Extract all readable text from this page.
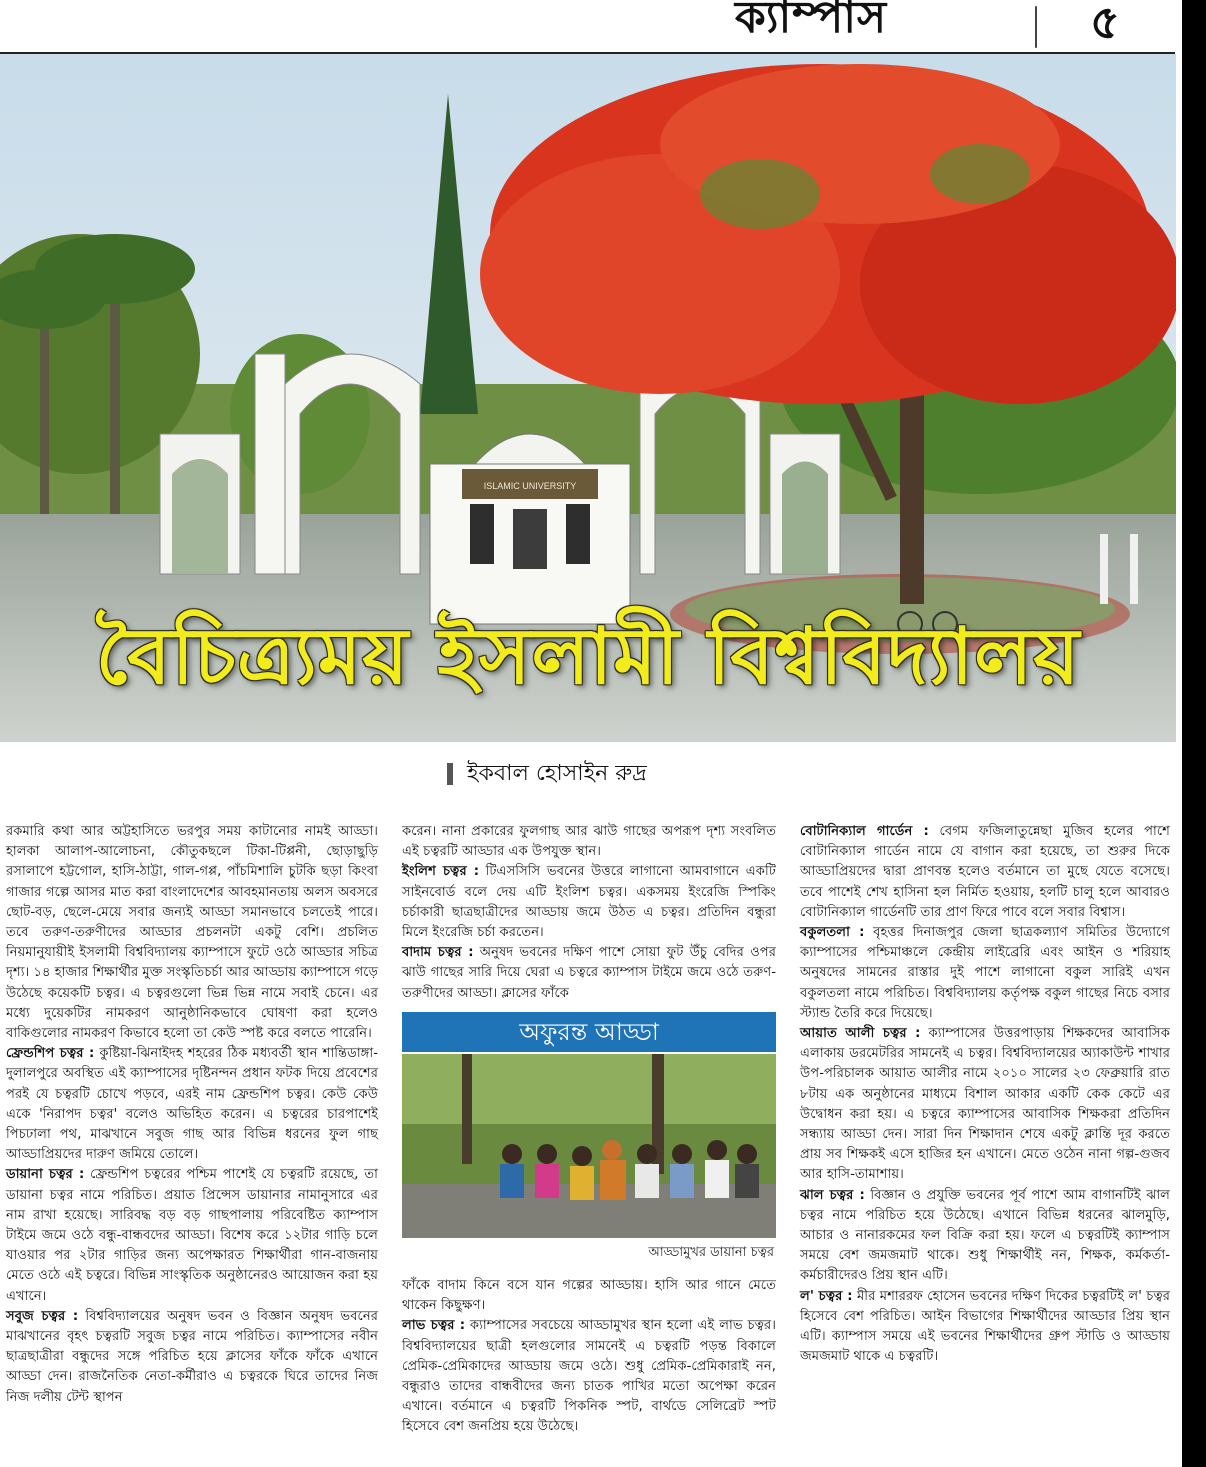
ক্যাম্পাস	৫
ISLAMIC UNIVERSITY
বৈচিত্র্যময় ইসলামী বিশ্ববিদ্যালয়
ইকবাল হোসাইন রুদ্র

রকমারি কথা আর অট্টহাসিতে ভরপুর সময় কাটানোর নামই আড্ডা। হালকা আলাপ-আলোচনা, কৌতুকছলে টিকা-টিপ্পনী, ছোড়াছুড়ি রসালাপে হট্টগোল, হাসি-ঠাট্টা, গাল-গপ্প, পাঁচমিশালি চুটকি ছড়া কিংবা গাজার গল্পে আসর মাত করা বাংলাদেশের আবহমানতায় অলস অবসরে ছোট-বড়, ছেলে-মেয়ে সবার জন্যই আড্ডা সমানভাবে চলতেই পারে। তবে তরুণ-তরুণীদের আড্ডার প্রচলনটা একটু বেশি। প্রচলিত নিয়মানুযায়ীই ইসলামী বিশ্ববিদ্যালয় ক্যাম্পাসে ফুটে ওঠে আড্ডার সচিত্র দৃশ্য। ১৪ হাজার শিক্ষার্থীর মুক্ত সংস্কৃতিচর্চা আর আড্ডায় ক্যাম্পাসে গড়ে উঠেছে কয়েকটি চত্বর। এ চত্বরগুলো ভিন্ন ভিন্ন নামে সবাই চেনে। এর মধ্যে দুয়েকটির নামকরণ আনুষ্ঠানিকভাবে ঘোষণা করা হলেও বাকিগুলোর নামকরণ কিভাবে হলো তা কেউ স্পষ্ট করে বলতে পারেনি।

ফ্রেন্ডশিপ চত্বর : কুষ্টিয়া-ঝিনাইদহ শহরের ঠিক মধ্যবর্তী স্থান শান্তিডাঙ্গা-দুলালপুরে অবস্থিত এই ক্যাম্পাসের দৃষ্টিনন্দন প্রধান ফটক দিয়ে প্রবেশের পরই যে চত্বরটি চোখে পড়বে, এরই নাম ফ্রেন্ডশিপ চত্বর। কেউ কেউ একে 'নিরাপদ চত্বর' বলেও অভিহিত করেন। এ চত্বরের চারপাশেই পিচঢালা পথ, মাঝখানে সবুজ গাছ আর বিভিন্ন ধরনের ফুল গাছ আড্ডাপ্রিয়দের দারুণ জমিয়ে তোলে।

ডায়ানা চত্বর : ফ্রেন্ডশিপ চত্বরের পশ্চিম পাশেই যে চত্বরটি রয়েছে, তা ডায়ানা চত্বর নামে পরিচিত। প্রয়াত প্রিন্সেস ডায়ানার নামানুসারে এর নাম রাখা হয়েছে। সারিবদ্ধ বড় বড় গাছপালায় পরিবেষ্টিত ক্যাম্পাস টাইমে জমে ওঠে বন্ধু-বান্ধবদের আড্ডা। বিশেষ করে ১২টার গাড়ি চলে যাওয়ার পর ২টার গাড়ির জন্য অপেক্ষারত শিক্ষার্থীরা গান-বাজনায় মেতে ওঠে এই চত্বরে। বিভিন্ন সাংস্কৃতিক অনুষ্ঠানেরও আয়োজন করা হয় এখানে।

সবুজ চত্বর : বিশ্ববিদ্যালয়ের অনুষদ ভবন ও বিজ্ঞান অনুষদ ভবনের মাঝখানের বৃহৎ চত্বরটি সবুজ চত্বর নামে পরিচিত। ক্যাম্পাসের নবীন ছাত্রছাত্রীরা বন্ধুদের সঙ্গে পরিচিত হয়ে ক্লাসের ফাঁকে ফাঁকে এখানে আড্ডা দেন। রাজনৈতিক নেতা-কর্মীরাও এ চত্বরকে ঘিরে তাদের নিজ নিজ দলীয় টেন্ট স্থাপন

করেন। নানা প্রকারের ফুলগাছ আর ঝাউ গাছের অপরূপ দৃশ্য সংবলিত এই চত্বরটি আড্ডার এক উপযুক্ত স্থান।

ইংলিশ চত্বর : টিএসসিসি ভবনের উত্তরে লাগানো আমবাগানে একটি সাইনবোর্ড বলে দেয় এটি ইংলিশ চত্বর। একসময় ইংরেজি স্পিকিং চর্চাকারী ছাত্রছাত্রীদের আড্ডায় জমে উঠত এ চত্বর। প্রতিদিন বন্ধুরা মিলে ইংরেজি চর্চা করতেন।

বাদাম চত্বর : অনুষদ ভবনের দক্ষিণ পাশে সোয়া ফুট উঁচু বেদির ওপর ঝাউ গাছের সারি দিয়ে ঘেরা এ চত্বরে ক্যাম্পাস টাইমে জমে ওঠে তরুণ-তরুণীদের আড্ডা। ক্লাসের ফাঁকে

অফুরন্ত আড্ডা
আড্ডামুখর ডায়ানা চত্বর

ফাঁকে বাদাম কিনে বসে যান গল্পের আড্ডায়। হাসি আর গানে মেতে থাকেন কিছুক্ষণ।

লাভ চত্বর : ক্যাম্পাসের সবচেয়ে আড্ডামুখর স্থান হলো এই লাভ চত্বর। বিশ্ববিদ্যালয়ের ছাত্রী হলগুলোর সামনেই এ চত্বরটি পড়ন্ত বিকালে প্রেমিক-প্রেমিকাদের আড্ডায় জমে ওঠে। শুধু প্রেমিক-প্রেমিকারাই নন, বন্ধুরাও তাদের বান্ধবীদের জন্য চাতক পাখির মতো অপেক্ষা করেন এখানে। বর্তমানে এ চত্বরটি পিকনিক স্পট, বার্থডে সেলিব্রেট স্পট হিসেবে বেশ জনপ্রিয় হয়ে উঠেছে।

বোটানিক্যাল গার্ডেন : বেগম ফজিলাতুন্নেছা মুজিব হলের পাশে বোটানিক্যাল গার্ডেন নামে যে বাগান করা হয়েছে, তা শুরুর দিকে আড্ডাপ্রিয়দের দ্বারা প্রাণবন্ত হলেও বর্তমানে তা মুছে যেতে বসেছে। তবে পাশেই শেখ হাসিনা হল নির্মিত হওয়ায়, হলটি চালু হলে আবারও বোটানিক্যাল গার্ডেনটি তার প্রাণ ফিরে পাবে বলে সবার বিশ্বাস।

বকুলতলা : বৃহত্তর দিনাজপুর জেলা ছাত্রকল্যাণ সমিতির উদ্যোগে ক্যাম্পাসের পশ্চিমাঞ্চলে কেন্দ্রীয় লাইব্রেরি এবং আইন ও শরিয়াহ অনুষদের সামনের রাস্তার দুই পাশে লাগানো বকুল সারিই এখন বকুলতলা নামে পরিচিত। বিশ্ববিদ্যালয় কর্তৃপক্ষ বকুল গাছের নিচে বসার স্ট্যান্ড তৈরি করে দিয়েছে।

আয়াত আলী চত্বর : ক্যাম্পাসের উত্তরপাড়ায় শিক্ষকদের আবাসিক এলাকায় ডরমেটরির সামনেই এ চত্বর। বিশ্ববিদ্যালয়ের অ্যাকাউন্ট শাখার উপ-পরিচালক আয়াত আলীর নামে ২০১০ সালের ২৩ ফেব্রুয়ারি রাত ৮টায় এক অনুষ্ঠানের মাধ্যমে বিশাল আকার একটি কেক কেটে এর উদ্বোধন করা হয়। এ চত্বরে ক্যাম্পাসের আবাসিক শিক্ষকরা প্রতিদিন সন্ধ্যায় আড্ডা দেন। সারা দিন শিক্ষাদান শেষে একটু ক্লান্তি দূর করতে প্রায় সব শিক্ষকই এসে হাজির হন এখানে। মেতে ওঠেন নানা গল্প-গুজব আর হাসি-তামাশায়।

ঝাল চত্বর : বিজ্ঞান ও প্রযুক্তি ভবনের পূর্ব পাশে আম বাগানটিই ঝাল চত্বর নামে পরিচিত হয়ে উঠেছে। এখানে বিভিন্ন ধরনের ঝালমুড়ি, আচার ও নানারকমের ফল বিক্রি করা হয়। ফলে এ চত্বরটিই ক্যাম্পাস সময়ে বেশ জমজমাট থাকে। শুধু শিক্ষার্থীই নন, শিক্ষক, কর্মকর্তা-কর্মচারীদেরও প্রিয় স্থান এটি।

ল' চত্বর : মীর মশাররফ হোসেন ভবনের দক্ষিণ দিকের চত্বরটিই ল' চত্বর হিসেবে বেশ পরিচিত। আইন বিভাগের শিক্ষার্থীদের আড্ডার প্রিয় স্থান এটি। ক্যাম্পাস সময়ে এই ভবনের শিক্ষার্থীদের গ্রুপ স্টাডি ও আড্ডায় জমজমাট থাকে এ চত্বরটি।
